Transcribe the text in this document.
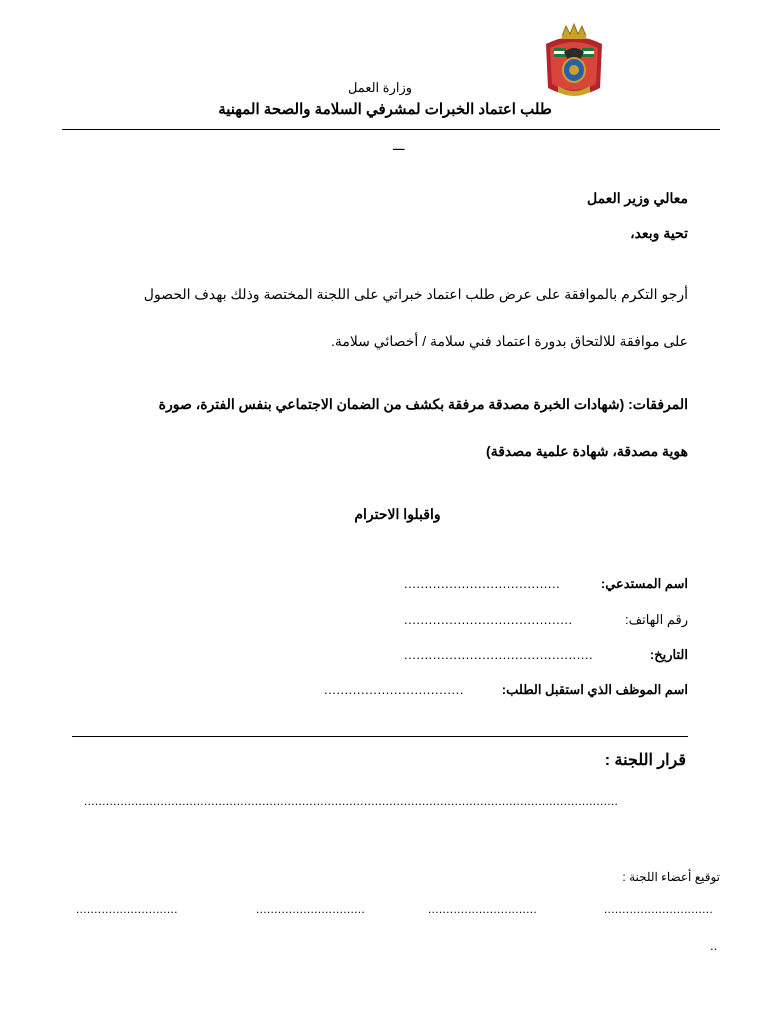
وزارة العمل
طلب اعتماد الخبرات لمشرفي السلامة والصحة المهنية
ـــ
معالي وزير العمل
تحية وبعد،
أرجو التكرم بالموافقة على عرض طلب اعتماد خبراتي على اللجنة المختصة وذلك بهدف الحصول
على موافقة للالتحاق بدورة اعتماد فني سلامة / أخصائي سلامة.
المرفقات: (شهادات الخبرة مصدقة مرفقة بكشف من الضمان الاجتماعي بنفس الفترة، صورة
هوية مصدقة، شهادة علمية مصدقة)
واقبلوا الاحترام
اسم المستدعي:
......................................
رقم الهاتف:
.........................................
التاريخ:
..............................................
اسم الموظف الذي استقبل الطلب:
..................................
قرار اللجنة :
...................................................................................................................................................
توقيع أعضاء اللجنة :
............................	..............................	..............................	..............................
..
